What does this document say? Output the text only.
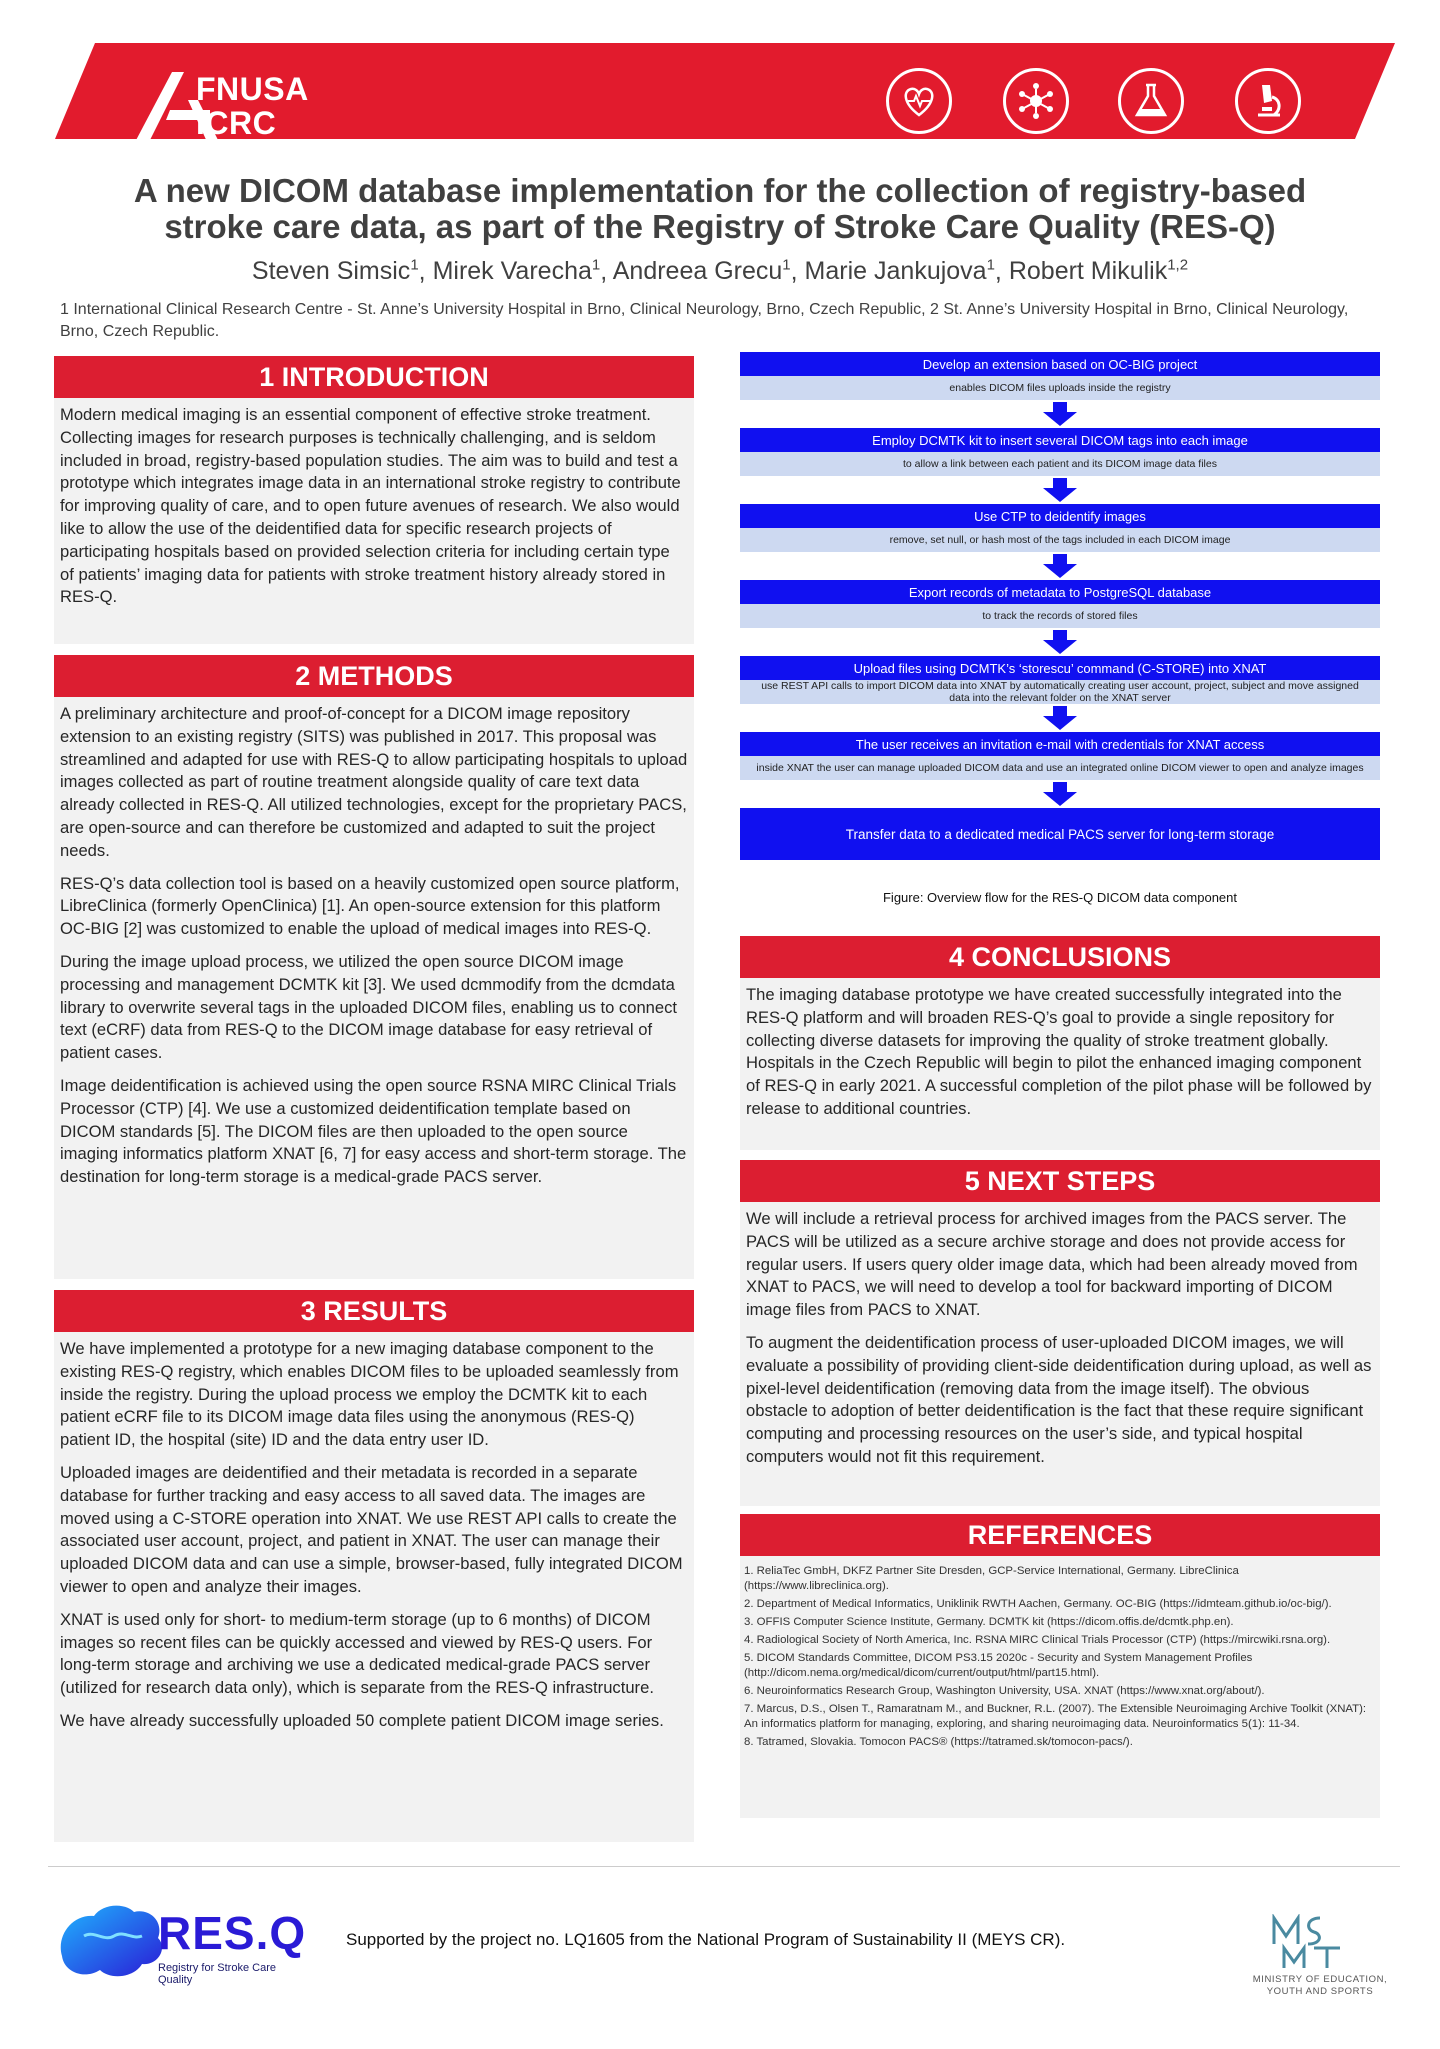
FNUSA
ICRC
A new DICOM database implementation for the collection of registry-based
stroke care data, as part of the Registry of Stroke Care Quality (RES-Q)
Steven Simsic$^1$, Mirek Varecha$^1$, Andreea Grecu$^1$, Marie Jankujova$^1$, Robert Mikulik$^{1,2}$
1 International Clinical Research Centre - St. Anne’s University Hospital in Brno, Clinical Neurology, Brno, Czech Republic, 2 St. Anne’s University Hospital in Brno, Clinical Neurology, Brno, Czech Republic.
1 INTRODUCTION

Modern medical imaging is an essential component of effective stroke treatment. Collecting images for research purposes is technically challenging, and is seldom included in broad, registry-based population studies. The aim was to build and test a prototype which integrates image data in an international stroke registry to contribute for improving quality of care, and to open future avenues of research. We also would like to allow the use of the deidentified data for specific research projects of participating hospitals based on provided selection criteria for including certain type of patients’ imaging data for patients with stroke treatment history already stored in RES-Q.

2 METHODS

A preliminary architecture and proof-of-concept for a DICOM image repository extension to an existing registry (SITS) was published in 2017. This proposal was streamlined and adapted for use with RES-Q to allow participating hospitals to upload images collected as part of routine treatment alongside quality of care text data already collected in RES-Q. All utilized technologies, except for the proprietary PACS, are open-source and can therefore be customized and adapted to suit the project needs.

RES-Q’s data collection tool is based on a heavily customized open source platform, LibreClinica (formerly OpenClinica) [1]. An open-source extension for this platform OC-BIG [2] was customized to enable the upload of medical images into RES-Q.

During the image upload process, we utilized the open source DICOM image processing and management DCMTK kit [3]. We used dcmmodify from the dcmdata library to overwrite several tags in the uploaded DICOM files, enabling us to connect text (eCRF) data from RES-Q to the DICOM image database for easy retrieval of patient cases.

Image deidentification is achieved using the open source RSNA MIRC Clinical Trials Processor (CTP) [4]. We use a customized deidentification template based on DICOM standards [5]. The DICOM files are then uploaded to the open source imaging informatics platform XNAT [6, 7] for easy access and short-term storage. The destination for long-term storage is a medical-grade PACS server.

3 RESULTS

We have implemented a prototype for a new imaging database component to the existing RES-Q registry, which enables DICOM files to be uploaded seamlessly from inside the registry. During the upload process we employ the DCMTK kit to each patient eCRF file to its DICOM image data files using the anonymous (RES-Q) patient ID, the hospital (site) ID and the data entry user ID.

Uploaded images are deidentified and their metadata is recorded in a separate database for further tracking and easy access to all saved data. The images are moved using a C-STORE operation into XNAT. We use REST API calls to create the associated user account, project, and patient in XNAT. The user can manage their uploaded DICOM data and can use a simple, browser-based, fully integrated DICOM viewer to open and analyze their images.

XNAT is used only for short- to medium-term storage (up to 6 months) of DICOM images so recent files can be quickly accessed and viewed by RES-Q users. For long-term storage and archiving we use a dedicated medical-grade PACS server (utilized for research data only), which is separate from the RES-Q infrastructure.

We have already successfully uploaded 50 complete patient DICOM image series.

Develop an extension based on OC-BIG project
enables DICOM files uploads inside the registry
Employ DCMTK kit to insert several DICOM tags into each image
to allow a link between each patient and its DICOM image data files
Use CTP to deidentify images
remove, set null, or hash most of the tags included in each DICOM image
Export records of metadata to PostgreSQL database
to track the records of stored files
Upload files using DCMTK’s ‘storescu’ command (C-STORE) into XNAT
use REST API calls to import DICOM data into XNAT by automatically creating user account, project, subject and move assigned data into the relevant folder on the XNAT server
The user receives an invitation e-mail with credentials for XNAT access
inside XNAT the user can manage uploaded DICOM data and use an integrated online DICOM viewer to open and analyze images
Transfer data to a dedicated medical PACS server for long-term storage
Figure: Overview flow for the RES-Q DICOM data component
4 CONCLUSIONS

The imaging database prototype we have created successfully integrated into the RES-Q platform and will broaden RES-Q’s goal to provide a single repository for collecting diverse datasets for improving the quality of stroke treatment globally. Hospitals in the Czech Republic will begin to pilot the enhanced imaging component of RES-Q in early 2021. A successful completion of the pilot phase will be followed by release to additional countries.

5 NEXT STEPS

We will include a retrieval process for archived images from the PACS server. The PACS will be utilized as a secure archive storage and does not provide access for regular users. If users query older image data, which had been already moved from XNAT to PACS, we will need to develop a tool for backward importing of DICOM image files from PACS to XNAT.

To augment the deidentification process of user-uploaded DICOM images, we will evaluate a possibility of providing client-side deidentification during upload, as well as pixel-level deidentification (removing data from the image itself). The obvious obstacle to adoption of better deidentification is the fact that these require significant computing and processing resources on the user’s side, and typical hospital computers would not fit this requirement.

REFERENCES
1. ReliaTec GmbH, DKFZ Partner Site Dresden, GCP-Service International, Germany. LibreClinica (https://www.libreclinica.org).
2. Department of Medical Informatics, Uniklinik RWTH Aachen, Germany. OC-BIG (https://idmteam.github.io/oc-big/).
3. OFFIS Computer Science Institute, Germany. DCMTK kit (https://dicom.offis.de/dcmtk.php.en).
4. Radiological Society of North America, Inc. RSNA MIRC Clinical Trials Processor (CTP) (https://mircwiki.rsna.org).
5. DICOM Standards Committee, DICOM PS3.15 2020c - Security and System Management Profiles (http://dicom.nema.org/medical/dicom/current/output/html/part15.html).
6. Neuroinformatics Research Group, Washington University, USA. XNAT (https://www.xnat.org/about/).
7. Marcus, D.S., Olsen T., Ramaratnam M., and Buckner, R.L. (2007). The Extensible Neuroimaging Archive Toolkit (XNAT): An informatics platform for managing, exploring, and sharing neuroimaging data. Neuroinformatics 5(1): 11-34.
8. Tatramed, Slovakia. Tomocon PACS® (https://tatramed.sk/tomocon-pacs/).
RES.Q
Registry for Stroke Care Quality
Supported by the project no. LQ1605 from the National Program of Sustainability II (MEYS CR).
MINISTRY OF EDUCATION,
YOUTH AND SPORTS
